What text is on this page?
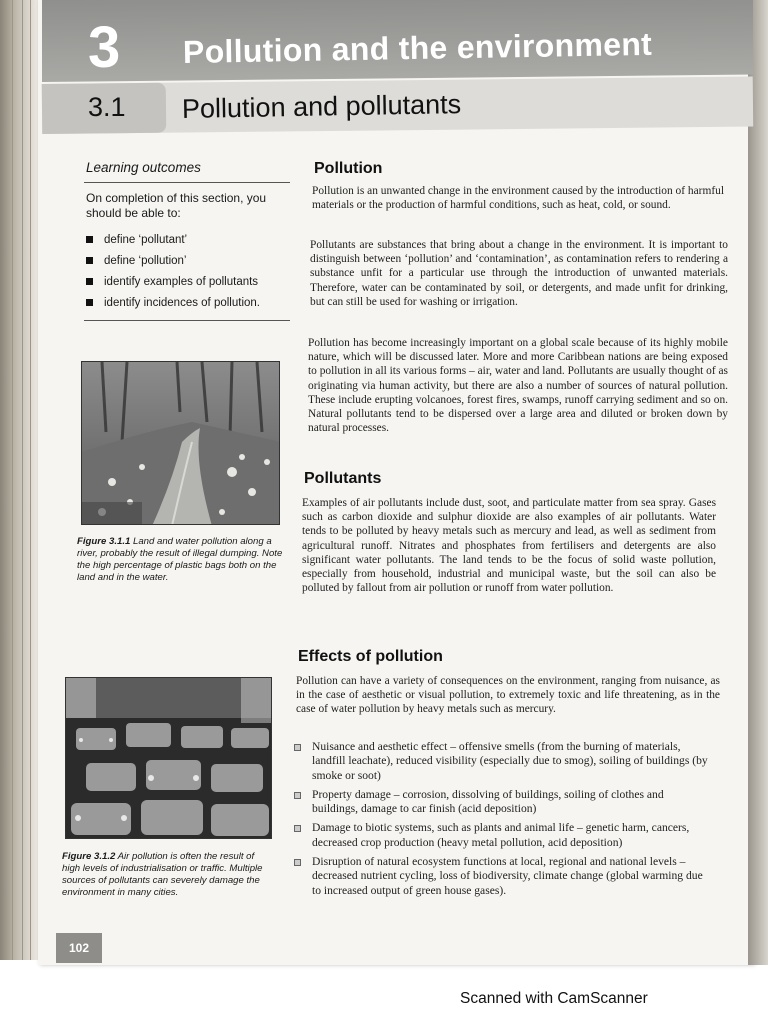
3 Pollution and the environment
3.1 Pollution and pollutants
Learning outcomes
On completion of this section, you should be able to:
define ‘pollutant’
define ‘pollution’
identify examples of pollutants
identify incidences of pollution.
Figure 3.1.1 Land and water pollution along a river, probably the result of illegal dumping. Note the high percentage of plastic bags both on the land and in the water.
Figure 3.1.2 Air pollution is often the result of high levels of industrialisation or traffic. Multiple sources of pollutants can severely damage the environment in many cities.
Pollution
Pollution is an unwanted change in the environment caused by the introduction of harmful materials or the production of harmful conditions, such as heat, cold, or sound.
Pollutants are substances that bring about a change in the environment. It is important to distinguish between ‘pollution’ and ‘contamination’, as contamination refers to rendering a substance unfit for a particular use through the introduction of unwanted materials. Therefore, water can be contaminated by soil, or detergents, and made unfit for drinking, but can still be used for washing or irrigation.
Pollution has become increasingly important on a global scale because of its highly mobile nature, which will be discussed later. More and more Caribbean nations are being exposed to pollution in all its various forms – air, water and land. Pollutants are usually thought of as originating via human activity, but there are also a number of sources of natural pollution. These include erupting volcanoes, forest fires, swamps, runoff carrying sediment and so on. Natural pollutants tend to be dispersed over a large area and diluted or broken down by natural processes.
Pollutants
Examples of air pollutants include dust, soot, and particulate matter from sea spray. Gases such as carbon dioxide and sulphur dioxide are also examples of air pollutants. Water tends to be polluted by heavy metals such as mercury and lead, as well as sediment from agricultural runoff. Nitrates and phosphates from fertilisers and detergents are also significant water pollutants. The land tends to be the focus of solid waste pollution, especially from household, industrial and municipal waste, but the soil can also be polluted by fallout from air pollution or runoff from water pollution.
Effects of pollution
Pollution can have a variety of consequences on the environment, ranging from nuisance, as in the case of aesthetic or visual pollution, to extremely toxic and life threatening, as in the case of water pollution by heavy metals such as mercury.
Nuisance and aesthetic effect – offensive smells (from the burning of materials, landfill leachate), reduced visibility (especially due to smog), soiling of buildings (by smoke or soot)
Property damage – corrosion, dissolving of buildings, soiling of clothes and buildings, damage to car finish (acid deposition)
Damage to biotic systems, such as plants and animal life – genetic harm, cancers, decreased crop production (heavy metal pollution, acid deposition)
Disruption of natural ecosystem functions at local, regional and national levels – decreased nutrient cycling, loss of biodiversity, climate change (global warming due to increased output of green house gases).
102
Scanned with CamScanner
